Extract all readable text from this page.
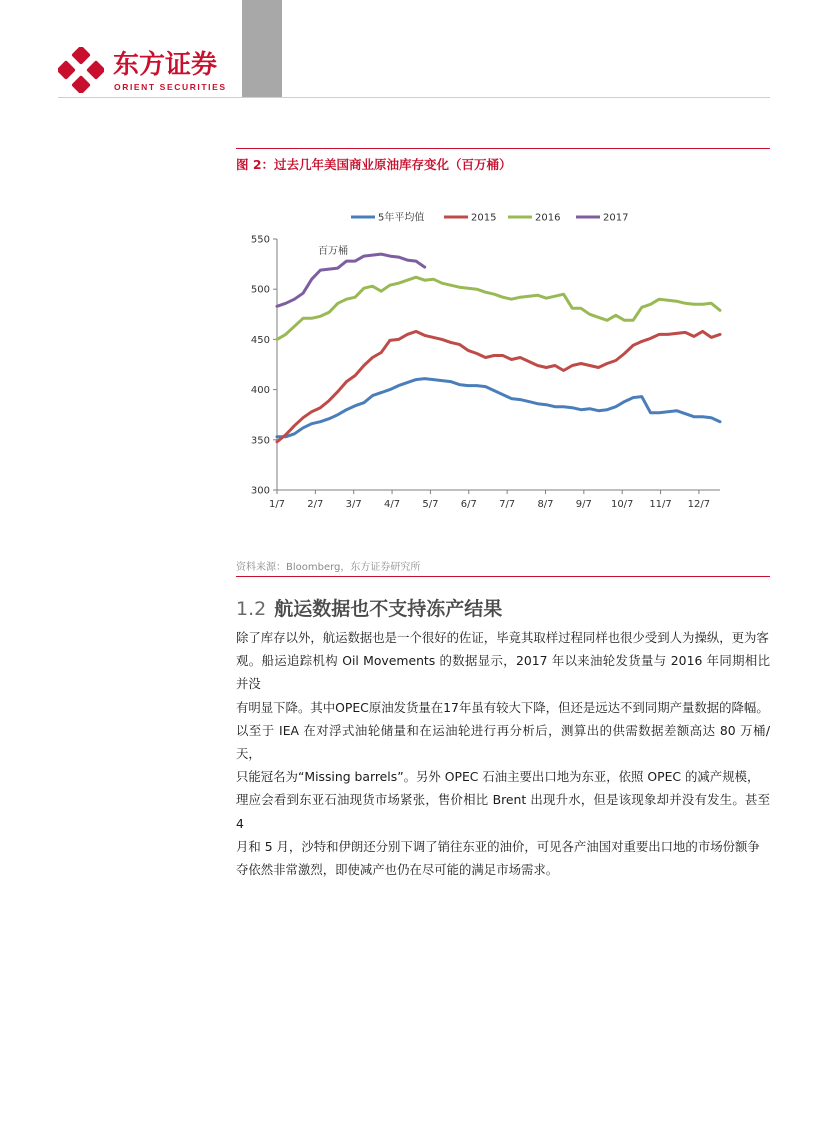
东方证券
ORIENT SECURITIES
图 2：过去几年美国商业原油库存变化（百万桶）
5年平均值	2015	2016	2017
300
350
400
450
500
550
1/7 2/7 3/7 4/7 5/7 6/7 7/7 8/7 9/7 10/7 11/7 12/7
百万桶
资料来源：Bloomberg，东方证券研究所
1.2 航运数据也不支持冻产结果

除了库存以外，航运数据也是一个很好的佐证，毕竟其取样过程同样也很少受到人为操纵，更为客

观。船运追踪机构 Oil Movements 的数据显示，2017 年以来油轮发货量与 2016 年同期相比并没

有明显下降。其中OPEC原油发货量在17年虽有较大下降，但还是远达不到同期产量数据的降幅。

以至于 IEA 在对浮式油轮储量和在运油轮进行再分析后，测算出的供需数据差额高达 80 万桶/天，

只能冠名为“Missing barrels”。另外 OPEC 石油主要出口地为东亚，依照 OPEC 的减产规模，

理应会看到东亚石油现货市场紧张，售价相比 Brent 出现升水，但是该现象却并没有发生。甚至 4

月和 5 月，沙特和伊朗还分别下调了销往东亚的油价，可见各产油国对重要出口地的市场份额争

夺依然非常激烈，即使减产也仍在尽可能的满足市场需求。
